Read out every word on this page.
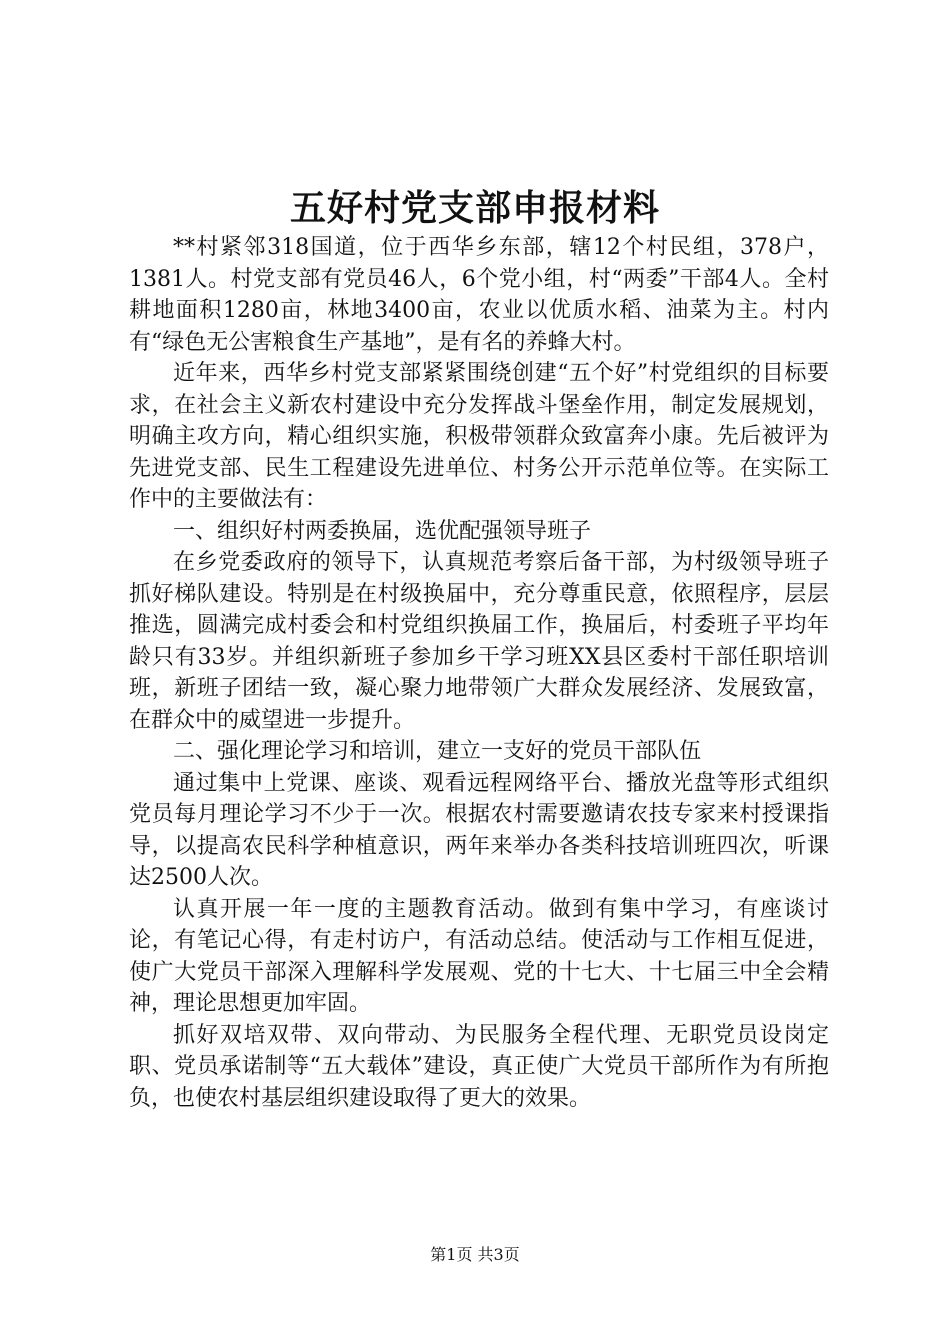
五好村党支部申报材料

**村紧邻318国道，位于西华乡东部，辖12个村民组，378户，1381人。村党支部有党员46人，6个党小组，村“两委”干部4人。全村耕地面积1280亩，林地3400亩，农业以优质水稻、油菜为主。村内有“绿色无公害粮食生产基地”，是有名的养蜂大村。

近年来，西华乡村党支部紧紧围绕创建“五个好”村党组织的目标要求，在社会主义新农村建设中充分发挥战斗堡垒作用，制定发展规划，明确主攻方向，精心组织实施，积极带领群众致富奔小康。先后被评为先进党支部、民生工程建设先进单位、村务公开示范单位等。在实际工作中的主要做法有：

一、组织好村两委换届，选优配强领导班子

在乡党委政府的领导下，认真规范考察后备干部，为村级领导班子抓好梯队建设。特别是在村级换届中，充分尊重民意，依照程序，层层推选，圆满完成村委会和村党组织换届工作，换届后，村委班子平均年龄只有33岁。并组织新班子参加乡干学习班XX县区委村干部任职培训班，新班子团结一致，凝心聚力地带领广大群众发展经济、发展致富，在群众中的威望进一步提升。

二、强化理论学习和培训，建立一支好的党员干部队伍

通过集中上党课、座谈、观看远程网络平台、播放光盘等形式组织党员每月理论学习不少于一次。根据农村需要邀请农技专家来村授课指导，以提高农民科学种植意识，两年来举办各类科技培训班四次，听课达2500人次。

认真开展一年一度的主题教育活动。做到有集中学习，有座谈讨论，有笔记心得，有走村访户，有活动总结。使活动与工作相互促进，使广大党员干部深入理解科学发展观、党的十七大、十七届三中全会精神，理论思想更加牢固。

抓好双培双带、双向带动、为民服务全程代理、无职党员设岗定职、党员承诺制等“五大载体”建设，真正使广大党员干部所作为有所抱负，也使农村基层组织建设取得了更大的效果。

第1页 共3页
